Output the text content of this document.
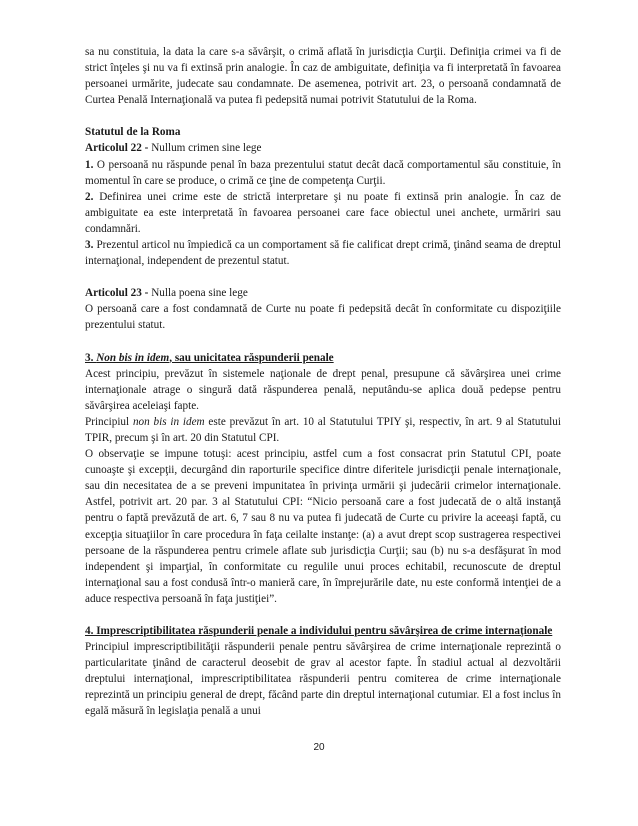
sa nu constituia, la data la care s-a săvârşit, o crimă aflată în jurisdicţia Curţii. Definiţia crimei va fi de strict înţeles şi nu va fi extinsă prin analogie. În caz de ambiguitate, definiţia va fi interpretată în favoarea persoanei urmărite, judecate sau condamnate. De asemenea, potrivit art. 23, o persoană condamnată de Curtea Penală Internaţională va putea fi pedepsită numai potrivit Statutului de la Roma.

Statutul de la Roma

Articolul 22 - Nullum crimen sine lege

1. O persoană nu răspunde penal în baza prezentului statut decât dacă comportamentul său constituie, în momentul în care se produce, o crimă ce ţine de competenţa Curţii.

2. Definirea unei crime este de strictă interpretare şi nu poate fi extinsă prin analogie. În caz de ambiguitate ea este interpretată în favoarea persoanei care face obiectul unei anchete, urmăriri sau condamnări.

3. Prezentul articol nu împiedică ca un comportament să fie calificat drept crimă, ţinând seama de dreptul internaţional, independent de prezentul statut.

Articolul 23 - Nulla poena sine lege

O persoană care a fost condamnată de Curte nu poate fi pedepsită decât în conformitate cu dispoziţiile prezentului statut.

3. Non bis in idem, sau unicitatea răspunderii penale

Acest principiu, prevăzut în sistemele naţionale de drept penal, presupune că săvârşirea unei crime internaţionale atrage o singură dată răspunderea penală, neputându-se aplica două pedepse pentru săvârşirea aceleiaşi fapte.

Principiul non bis in idem este prevăzut în art. 10 al Statutului TPIY şi, respectiv, în art. 9 al Statutului TPIR, precum şi în art. 20 din Statutul CPI.

O observaţie se impune totuşi: acest principiu, astfel cum a fost consacrat prin Statutul CPI, poate cunoaşte şi excepţii, decurgând din raporturile specifice dintre diferitele jurisdicţii penale internaţionale, sau din necesitatea de a se preveni impunitatea în privinţa urmării şi judecării crimelor internaţionale. Astfel, potrivit art. 20 par. 3 al Statutului CPI: “Nicio persoană care a fost judecată de o altă instanţă pentru o faptă prevăzută de art. 6, 7 sau 8 nu va putea fi judecată de Curte cu privire la aceeaşi faptă, cu excepţia situaţiilor în care procedura în faţa ceilalte instanţe: (a) a avut drept scop sustragerea respectivei persoane de la răspunderea pentru crimele aflate sub jurisdicţia Curţii; sau (b) nu s-a desfăşurat în mod independent şi imparţial, în conformitate cu regulile unui proces echitabil, recunoscute de dreptul internaţional sau a fost condusă într-o manieră care, în împrejurările date, nu este conformă intenţiei de a aduce respectiva persoană în faţa justiţiei”.

4. Imprescriptibilitatea răspunderii penale a individului pentru săvârşirea de crime internaţionale

Principiul imprescriptibilităţii răspunderii penale pentru săvârşirea de crime internaţionale reprezintă o particularitate ţinând de caracterul deosebit de grav al acestor fapte. În stadiul actual al dezvoltării dreptului internaţional, imprescriptibilitatea răspunderii pentru comiterea de crime internaţionale reprezintă un principiu general de drept, făcând parte din dreptul internaţional cutumiar. El a fost inclus în egală măsură în legislaţia penală a unui

20
